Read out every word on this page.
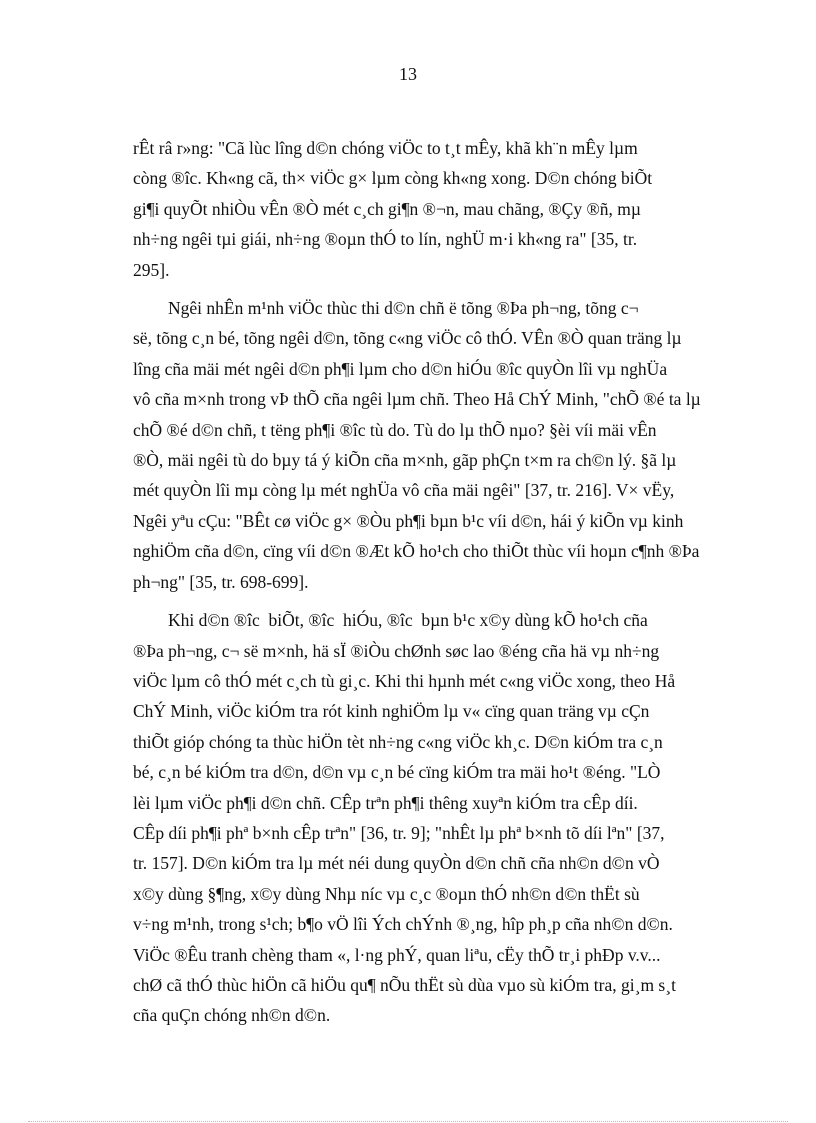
13

rÊt râ r»ng: "Cã lùc lîng d©n chóng viÖc to t¸t mÊy, khã kh¨n mÊy lµm
còng ®îc. Kh«ng cã, th× viÖc g× lµm còng kh«ng xong. D©n chóng biÕt
gi¶i quyÕt nhiÒu vÊn ®Ò mét c¸ch gi¶n ®¬n, mau chãng, ®Çy ®ñ, mµ
nh÷ng ngêi tµi giái, nh÷ng ®oµn thÓ to lín, nghÜ m·i kh«ng ra" [35, tr.
295].

Ngêi nhÊn m¹nh viÖc thùc thi d©n chñ ë tõng ®Þa ph¬ng, tõng c¬
së, tõng c¸n bé, tõng ngêi d©n, tõng c«ng viÖc cô thÓ. VÊn ®Ò quan träng lµ
lîng cña mäi mét ngêi d©n ph¶i lµm cho d©n hiÓu ®îc quyÒn lîi vµ nghÜa
vô cña m×nh trong vÞ thÕ cña ngêi lµm chñ. Theo Hå ChÝ Minh, "chÕ ®é ta lµ
chÕ ®é d©n chñ, t tëng ph¶i ®îc tù do. Tù do lµ thÕ nµo? §èi víi mäi vÊn
®Ò, mäi ngêi tù do bµy tá ý kiÕn cña m×nh, gãp phÇn t×m ra ch©n lý. §ã lµ
mét quyÒn lîi mµ còng lµ mét nghÜa vô cña mäi ngêi" [37, tr. 216]. V× vËy,
Ngêi yªu cÇu: "BÊt cø viÖc g× ®Òu ph¶i bµn b¹c víi d©n, hái ý kiÕn vµ kinh
nghiÖm cña d©n, cïng víi d©n ®Æt kÕ ho¹ch cho thiÕt thùc víi hoµn c¶nh ®Þa
ph¬ng" [35, tr. 698-699].

Khi d©n ®îc  biÕt, ®îc  hiÓu, ®îc  bµn b¹c x©y dùng kÕ ho¹ch cña
®Þa ph¬ng, c¬ së m×nh, hä sÏ ®iÒu chØnh søc lao ®éng cña hä vµ nh÷ng
viÖc lµm cô thÓ mét c¸ch tù gi¸c. Khi thi hµnh mét c«ng viÖc xong, theo Hå
ChÝ Minh, viÖc kiÓm tra rót kinh nghiÖm lµ v« cïng quan träng vµ cÇn
thiÕt gióp chóng ta thùc hiÖn tèt nh÷ng c«ng viÖc kh¸c. D©n kiÓm tra c¸n
bé, c¸n bé kiÓm tra d©n, d©n vµ c¸n bé cïng kiÓm tra mäi ho¹t ®éng. "LÒ
lèi lµm viÖc ph¶i d©n chñ. CÊp trªn ph¶i thêng xuyªn kiÓm tra cÊp díi.
CÊp díi ph¶i phª b×nh cÊp trªn" [36, tr. 9]; "nhÊt lµ phª b×nh tõ díi lªn" [37,
tr. 157]. D©n kiÓm tra lµ mét néi dung quyÒn d©n chñ cña nh©n d©n vÒ
x©y dùng §¶ng, x©y dùng Nhµ níc vµ c¸c ®oµn thÓ nh©n d©n thËt sù
v÷ng m¹nh, trong s¹ch; b¶o vÖ lîi Ých chÝnh ®¸ng, hîp ph¸p cña nh©n d©n.
ViÖc ®Êu tranh chèng tham «, l·ng phÝ, quan liªu, cËy thÕ tr¸i phÐp v.v...
chØ cã thÓ thùc hiÖn cã hiÖu qu¶ nÕu thËt sù dùa vµo sù kiÓm tra, gi¸m s¸t
cña quÇn chóng nh©n d©n.
